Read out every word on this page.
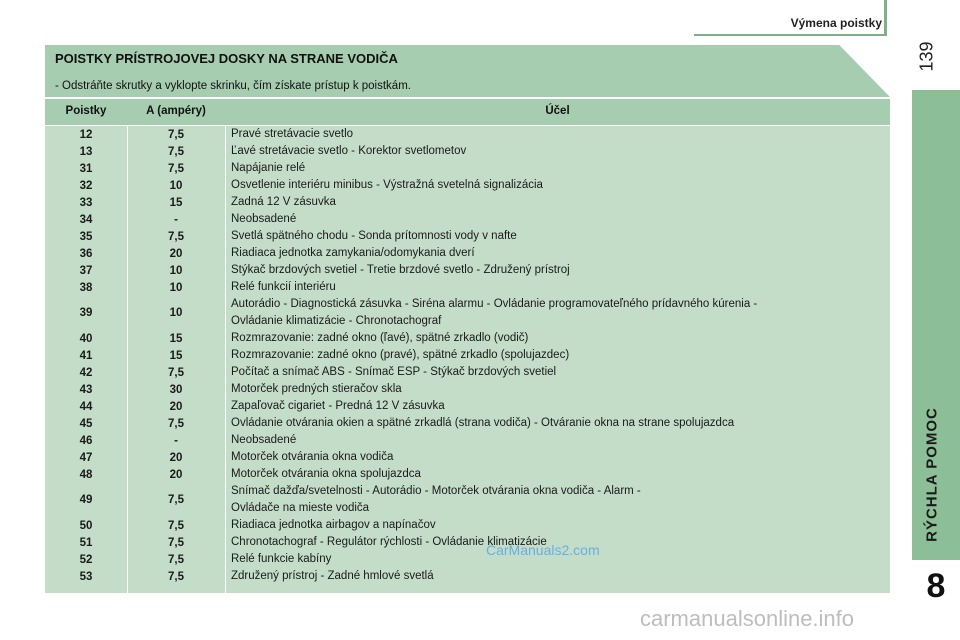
Výmena poistky
139
RÝCHLA POMOC
8
POISTKY PRÍSTROJOVEJ DOSKY NA STRANE VODIČA
- Odstráňte skrutky a vyklopte skrinku, čím získate prístup k poistkám.
Poistky	A (ampéry)	Účel
12	7,5	Pravé stretávacie svetlo
13	7,5	Ľavé stretávacie svetlo - Korektor svetlometov
31	7,5	Napájanie relé
32	10	Osvetlenie interiéru minibus - Výstražná svetelná signalizácia
33	15	Zadná 12 V zásuvka
34	-	Neobsadené
35	7,5	Svetlá spätného chodu - Sonda prítomnosti vody v nafte
36	20	Riadiaca jednotka zamykania/odomykania dverí
37	10	Stýkač brzdových svetiel - Tretie brzdové svetlo - Združený prístroj
38	10	Relé funkcií interiéru
39	10
Autorádio - Diagnostická zásuvka - Siréna alarmu - Ovládanie programovateľného prídavného kúrenia -
Ovládanie klimatizácie - Chronotachograf
40	15	Rozmrazovanie: zadné okno (ľavé), spätné zrkadlo (vodič)
41	15	Rozmrazovanie: zadné okno (pravé), spätné zrkadlo (spolujazdec)
42	7,5	Počítač a snímač ABS - Snímač ESP - Stýkač brzdových svetiel
43	30	Motorček predných stieračov skla
44	20	Zapaľovač cigariet - Predná 12 V zásuvka
45	7,5	Ovládanie otvárania okien a spätné zrkadlá (strana vodiča) - Otváranie okna na strane spolujazdca
46	-	Neobsadené
47	20	Motorček otvárania okna vodiča
48	20	Motorček otvárania okna spolujazdca
49	7,5
Snímač dažďa/svetelnosti - Autorádio - Motorček otvárania okna vodiča - Alarm -
Ovládače na mieste vodiča
50	7,5	Riadiaca jednotka airbagov a napínačov
51	7,5	Chronotachograf - Regulátor rýchlosti - Ovládanie klimatizácie
52	7,5	Relé funkcie kabíny
53	7,5	Združený prístroj - Zadné hmlové svetlá
CarManuals2.com
carmanualsonline.info
